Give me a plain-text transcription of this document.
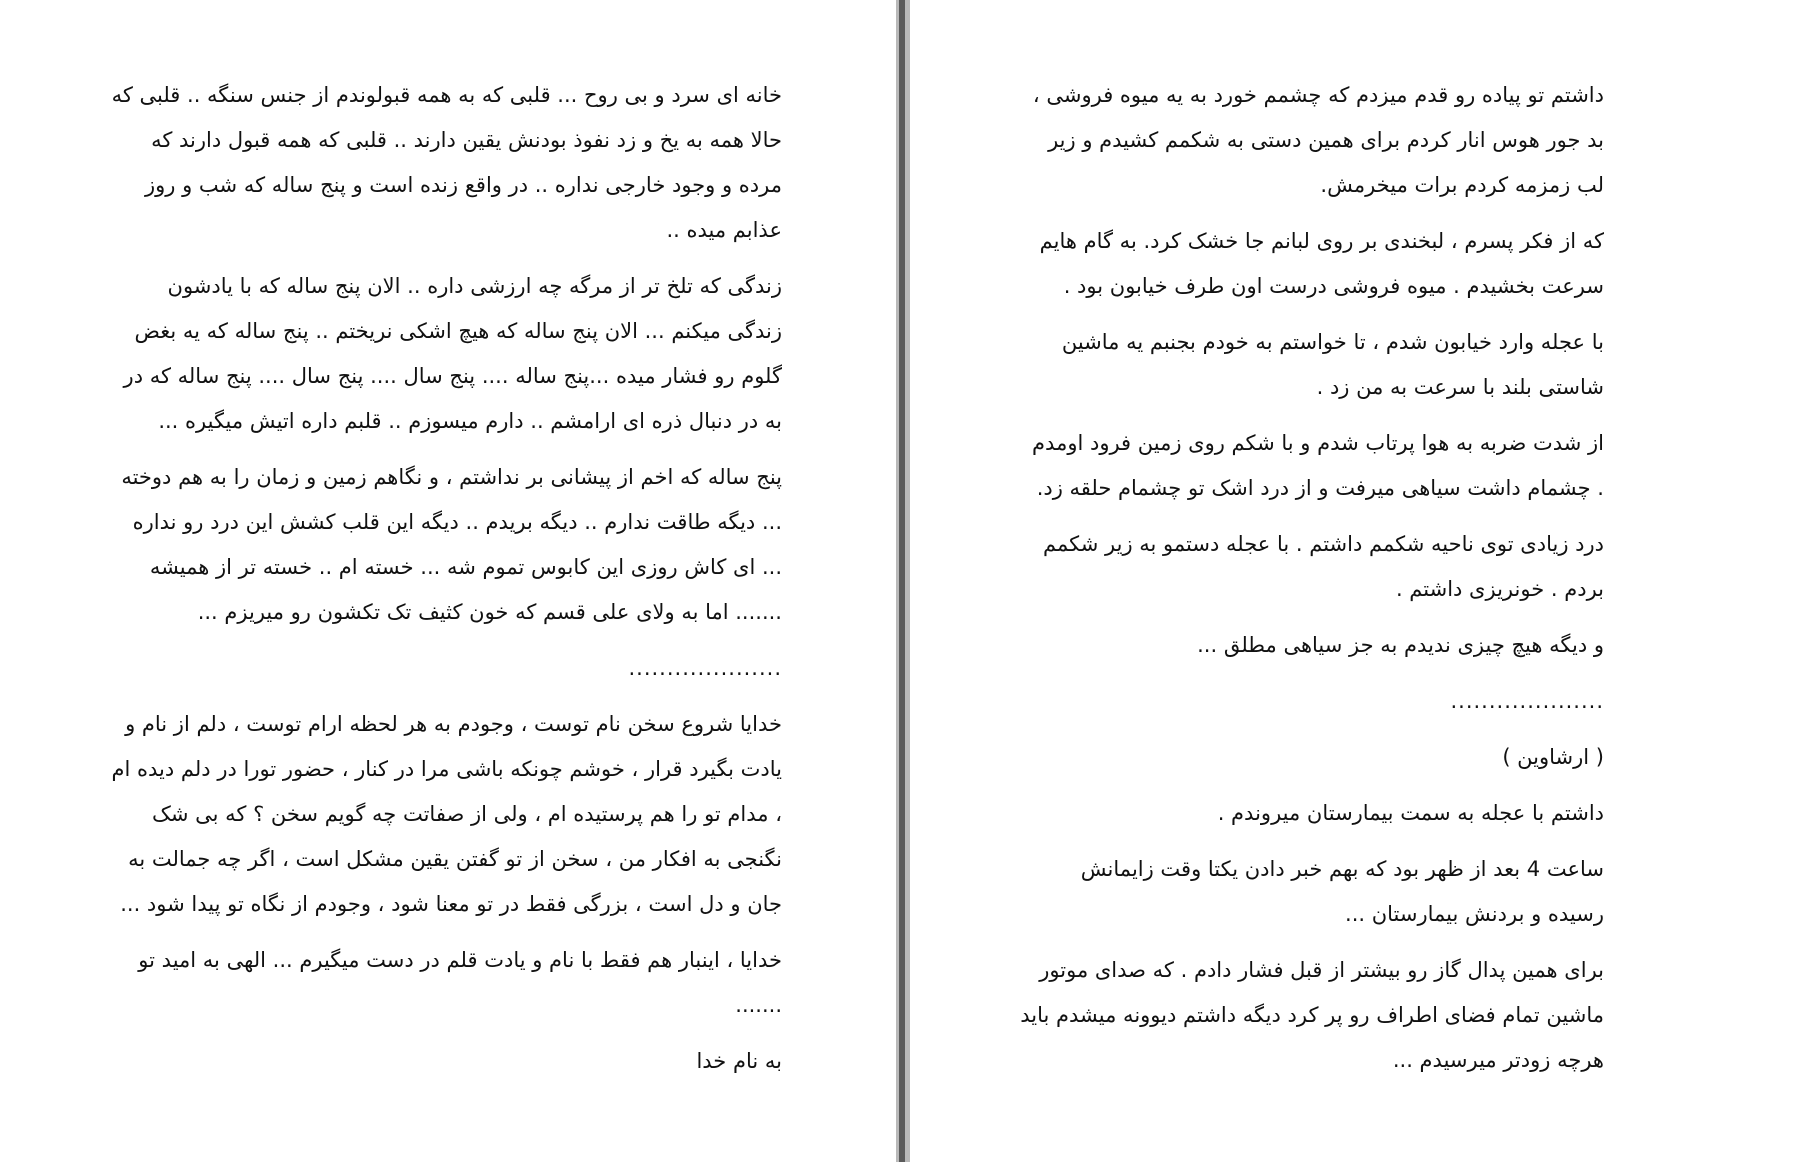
خانه ای سرد و بی روح ... قلبی که به همه قبولوندم از جنس سنگه .. قلبی که حالا همه به یخ و زد نفوذ بودنش یقین دارند .. قلبی که همه قبول دارند که مرده و وجود خارجی نداره .. در واقع زنده است و پنج ساله که شب و روز عذابم میده ..

زندگی که تلخ تر از مرگه چه ارزشی داره .. الان پنج ساله که با یادشون زندگی میکنم ... الان پنج ساله که هیچ اشکی نریختم .. پنج ساله که یه بغض گلوم رو فشار میده ...پنج ساله .... پنج سال .... پنج سال .... پنج ساله که در به در دنبال ذره ای ارامشم .. دارم میسوزم .. قلبم داره اتیش میگیره ...

پنج ساله که اخم از پیشانی بر نداشتم ، و نگاهم زمین و زمان را به هم دوخته ... دیگه طاقت ندارم .. دیگه بریدم .. دیگه این قلب کشش این درد رو نداره ... ای کاش روزی این کابوس تموم شه ... خسته ام .. خسته تر از همیشه ....... اما به ولای علی قسم که خون کثیف تک تکشون رو میریزم ...

....................

خدایا شروع سخن نام توست ، وجودم به هر لحظه ارام توست ، دلم از نام و یادت بگیرد قرار ، خوشم چونکه باشی مرا در کنار ، حضور تورا در دلم دیده ام ، مدام تو را هم پرستیده ام ، ولی از صفاتت چه گویم سخن ؟ که بی شک نگنجی به افکار من ، سخن از تو گفتن یقین مشکل است ، اگر چه جمالت به جان و دل است ، بزرگی فقط در تو معنا شود ، وجودم از نگاه تو پیدا شود ...

خدایا ، اینبار هم فقط با نام و یادت قلم در دست میگیرم ... الهی به امید تو .......

به نام خدا

داشتم تو پیاده رو قدم میزدم که چشمم خورد به یه میوه فروشی ، بد جور هوس انار کردم برای همین دستی به شکمم کشیدم و زیر لب زمزمه کردم برات میخرمش.

که از فکر پسرم ، لبخندی بر روی لبانم جا خشک کرد. به گام هایم سرعت بخشیدم . میوه فروشی درست اون طرف خیابون بود .

با عجله وارد خیابون شدم ، تا خواستم به خودم بجنبم یه ماشین شاستی بلند با سرعت به من زد .

از شدت ضربه به هوا پرتاب شدم و با شکم روی زمین فرود اومدم . چشمام داشت سیاهی میرفت و از درد اشک تو چشمام حلقه زد.

درد زیادی توی ناحیه شکمم داشتم . با عجله دستمو به زیر شکمم بردم . خونریزی داشتم .

و دیگه هیچ چیزی ندیدم به جز سیاهی مطلق ...

....................

( ارشاوین )

داشتم با عجله به سمت بیمارستان میروندم .

ساعت 4 بعد از ظهر بود که بهم خبر دادن یکتا وقت زایمانش رسیده و بردنش بیمارستان ...

برای همین پدال گاز رو بیشتر از قبل فشار دادم . که صدای موتور ماشین تمام فضای اطراف رو پر کرد دیگه داشتم دیوونه میشدم باید هرچه زودتر میرسیدم ...
